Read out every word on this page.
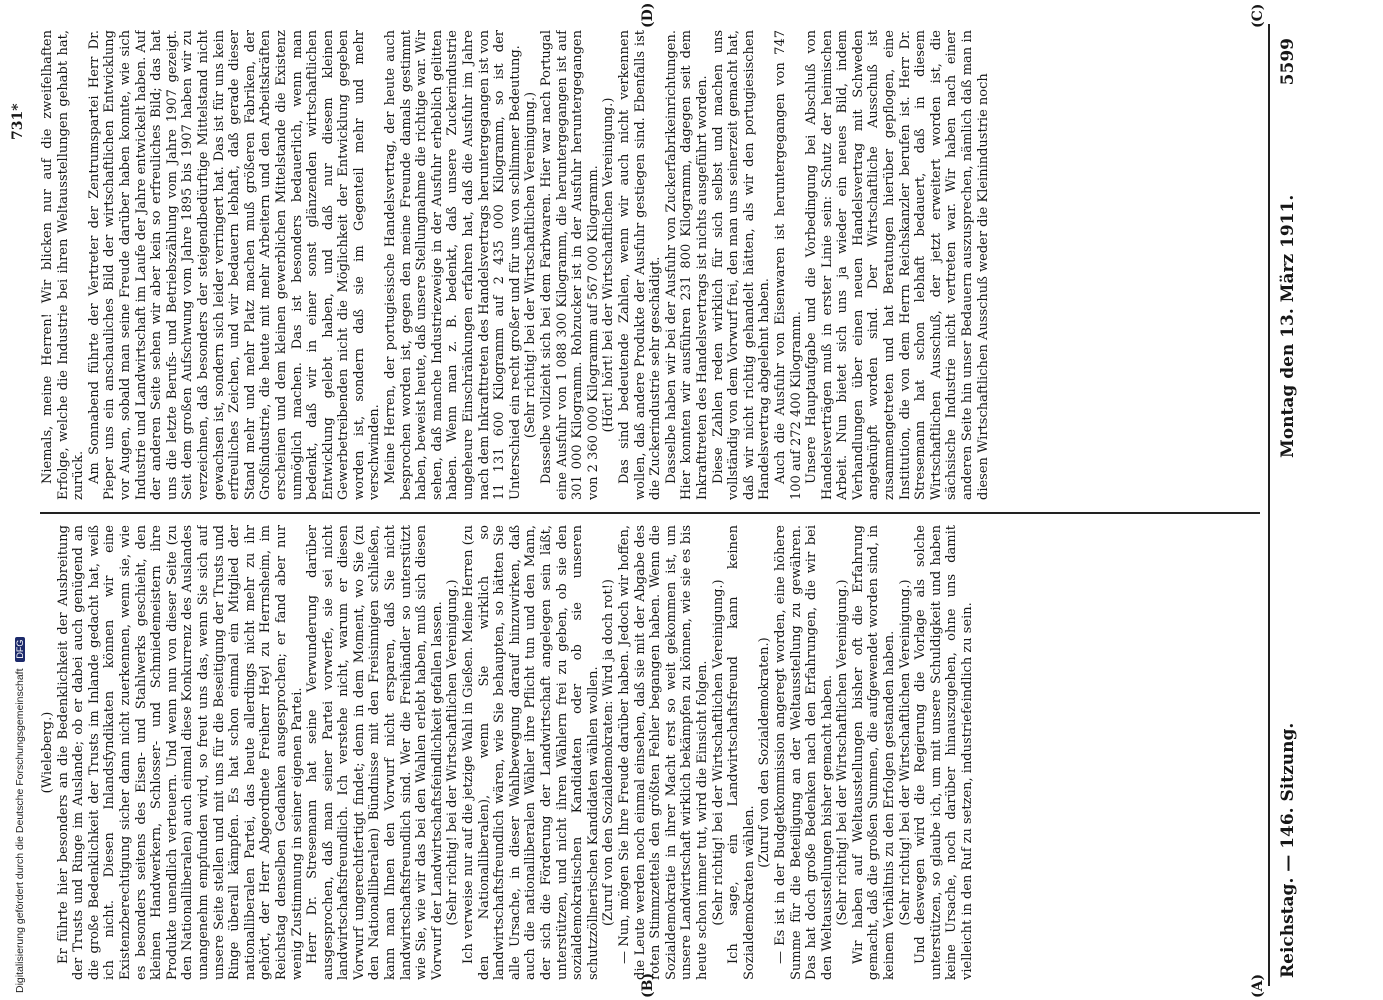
Reichstag. — 146. Sitzung.
Montag den 13. März 1911.
5599
(Wieleberg.) Er führte hier besonders an die Bedenklichkeit der Ausbreitung der Trusts und Ringe im Auslande; ob er dabei auch genügend an die große Bedenklichkeit der Trusts im Inlande gedacht hat, weiß ich nicht. Diesen Inlandsfyndikaten können wir eine Existenzberechtigung sicher dann nicht zuerkennen, wenn sie, wie es besonders seitens des Eisen- und Stahlwerks geschieht, den kleinen Handwerkern, Schlosser- und Schmiedemeistern ihre Produkte unendlich verteuern. Und wenn nun von dieser Seite (zu den Nationalliberalen) auch einmal diese Konkurrenz des Auslandes unangenehm empfunden wird, so freut uns das, wenn Sie sich auf unsere Seite stellen und mit uns für die Beseitigung der Trusts und Ringe überall kämpfen. Es hat schon einmal ein Mitglied der nationalliberalen Partei, das heute allerdings nicht mehr zu ihr gehört, der Herr Abgeordnete Freiherr Heyl zu Herrnsheim, im Reichstag denselben Gedanken ausgesprochen; er fand aber nur wenig Zustimmung in seiner eigenen Partei. Herr Dr. Stresemann hat seine Verwunderung darüber ausgesprochen, daß man seiner Partei vorwerfe, sie sei nicht landwirtschaftsfreundlich. Ich verstehe nicht, warum er diesen Vorwurf ungerechtfertigt findet; denn in dem Moment, wo Sie (zu den Nationalliberalen) Bündnisse mit den Freisinnigen schließen, kann man Ihnen den Vorwurf nicht ersparen, daß Sie nicht landwirtschaftsfreundlich sind. Wer die Freihändler so unterstützt wie Sie, wie wir das bei den Wahlen erlebt haben, muß sich diesen Vorwurf der Landwirtschaftsfeindlichkeit gefallen lassen. (Sehr richtig! bei der Wirtschaftlichen Vereinigung.) Ich verweise nur auf die jetzige Wahl in Gießen. Meine Herren (zu den Nationalliberalen), wenn Sie wirklich so landwirtschaftsfreundlich wären, wie Sie behaupten, so hätten Sie alle Ursache, in dieser Wahlbewegung darauf hinzuwirken, daß auch die nationalliberalen Wähler ihre Pflicht tun und den Mann, der sich die Förderung der Landwirtschaft angelegen sein läßt, unterstützen, und nicht ihren Wählern frei zu geben, ob sie den sozialdemokratischen Kandidaten oder ob sie unseren schutzzöllnerischen Kandidaten wählen wollen. (Zuruf von den Sozialdemokraten: Wird ja doch rot!) — Nun, mögen Sie Ihre Freude darüber haben. Jedoch wir hoffen, die Leute werden noch einmal einsehen, daß sie mit der Abgabe des roten Stimmzettels den größten Fehler begangen haben. Wenn die Sozialdemokratie in ihrer Macht erst so weit gekommen ist, um unsere Landwirtschaft wirklich bekämpfen zu können, wie sie es bis heute schon immer tut, wird die Einsicht folgen. (Sehr richtig! bei der Wirtschaftlichen Vereinigung.) Ich sage, ein Landwirtschaftsfreund kann keinen Sozialdemokraten wählen.

(Zuruf von den Sozialdemokraten.) — Es ist in der Budgetkommission angeregt worden, eine höhere Summe für die Beteiligung an der Weltausstellung zu gewähren. Das hat doch große Bedenken nach den Erfahrungen, die wir bei den Weltausstellungen bisher gemacht haben. (Sehr richtig! bei der Wirtschaftlichen Vereinigung.) Wir haben auf Weltausstellungen bisher oft die Erfahrung gemacht, daß die großen Summen, die aufgewendet worden sind, in keinem Verhältnis zu den Erfolgen gestanden haben. (Sehr richtig! bei der Wirtschaftlichen Vereinigung.) Und deswegen wird die Regierung die Vorlage als solche unterstützen, so glaube ich, um mit unsere Schuldigkeit und haben keine Ursache, noch darüber hinauszugehen, ohne uns damit vielleicht in den Ruf zu setzen, industriefeindlich zu sein.

Niemals, meine Herren! Wir blicken nur auf die zweifelhaften Erfolge, welche die Industrie bei ihren Weltausstellungen gehabt hat, zurück. Am Sonnabend führte der Vertreter der Zentrumspartei Herr Dr. Pieper uns ein anschauliches Bild der wirtschaftlichen Entwicklung vor Augen, sobald man seine Freude darüber haben konnte, wie sich Industrie und Landwirtschaft im Laufe der Jahre entwickelt haben. Auf der anderen Seite sehen wir aber kein so erfreuliches Bild; das hat uns die letzte Berufs- und Betriebszählung vom Jahre 1907 gezeigt. Seit dem großen Aufschwung vom Jahre 1895 bis 1907 haben wir zu verzeichnen, daß besonders der steigendbedürftige Mittelstand nicht gewachsen ist, sondern sich leider verringert hat. Das ist für uns kein erfreuliches Zeichen, und wir bedauern lebhaft, daß gerade dieser Stand mehr und mehr Platz machen muß größeren Fabriken, der Großindustrie, die heute mit mehr Arbeitern und den Arbeitskräften erscheinen und dem kleinen gewerblichen Mittelstande die Existenz unmöglich machen. Das ist besonders bedauerlich, wenn man bedenkt, daß wir in einer sonst glänzenden wirtschaftlichen Entwicklung gelebt haben, und daß nur diesem kleinen Gewerbetreibenden nicht die Möglichkeit der Entwicklung gegeben worden ist, sondern daß sie im Gegenteil mehr und mehr verschwinden. Meine Herren, der portugiesische Handelsvertrag, der heute auch besprochen worden ist, gegen den meine Freunde damals gestimmt haben, beweist heute, daß unsere Stellungnahme die richtige war. Wir sehen, daß manche Industriezweige in der Ausfuhr erheblich gelitten haben. Wenn man z. B. bedenkt, daß unsere Zuckerindustrie ungeheure Einschränkungen erfahren hat, daß die Ausfuhr im Jahre nach dem Inkrafttreten des Handelsvertrags heruntergegangen ist von 11 131 600 Kilogramm auf 2 435 000 Kilogramm, so ist der Unterschied ein recht großer und für uns von schlimmer Bedeutung. (Sehr richtig! bei der Wirtschaftlichen Vereinigung.) Dasselbe vollzieht sich bei dem Farbwaren. Hier war nach Portugal eine Ausfuhr von 1 088 300 Kilogramm, die heruntergegangen ist auf 301 000 Kilogramm. Rohzucker ist in der Ausfuhr heruntergegangen von 2 360 000 Kilogramm auf 567 000 Kilogramm. (Hört! hört! bei der Wirtschaftlichen Vereinigung.) Das sind bedeutende Zahlen, wenn wir auch nicht verkennen wollen, daß andere Produkte der Ausfuhr gestiegen sind. Ebenfalls ist die Zuckerindustrie sehr geschädigt. Dasselbe haben wir bei der Ausfuhr von Zuckerfabrikeinrichtungen. Hier konnten wir ausführen 231 800 Kilogramm, dagegen seit dem Inkrafttreten des Handelsvertrags ist nichts ausgeführt worden. Diese Zahlen reden wirklich für sich selbst und machen uns vollständig von dem Vorwurf frei, den man uns seinerzeit gemacht hat, daß wir nicht richtig gehandelt hätten, als wir den portugiesischen Handelsvertrag abgelehnt haben. Auch die Ausfuhr von Eisenwaren ist heruntergegangen von 747 100 auf 272 400 Kilogramm. Unsere Hauptaufgabe und die Vorbedingung bei Abschluß von Handelsverträgen muß in erster Linie sein: Schutz der heimischen Arbeit. Nun bietet sich uns ja wieder ein neues Bild, indem Verhandlungen über einen neuen Handelsvertrag mit Schweden angeknüpft worden sind. Der Wirtschaftliche Ausschuß ist zusammengetreten und hat Beratungen hierüber gepflogen, eine Institution, die von dem Herrn Reichskanzler berufen ist. Herr Dr. Stresemann hat schon lebhaft bedauert, daß in diesem Wirtschaftlichen Ausschuß, der jetzt erweitert worden ist, die sächsische Industrie nicht vertreten war. Wir haben nach einer anderen Seite hin unser Bedauern auszusprechen, nämlich daß man in diesen Wirtschaftlichen Ausschuß weder die Kleinindustrie noch

(A)
(B)
(C)
(D)
731*
Digitalisierung gefördert durch die Deutsche Forschungsgemeinschaft DFG
